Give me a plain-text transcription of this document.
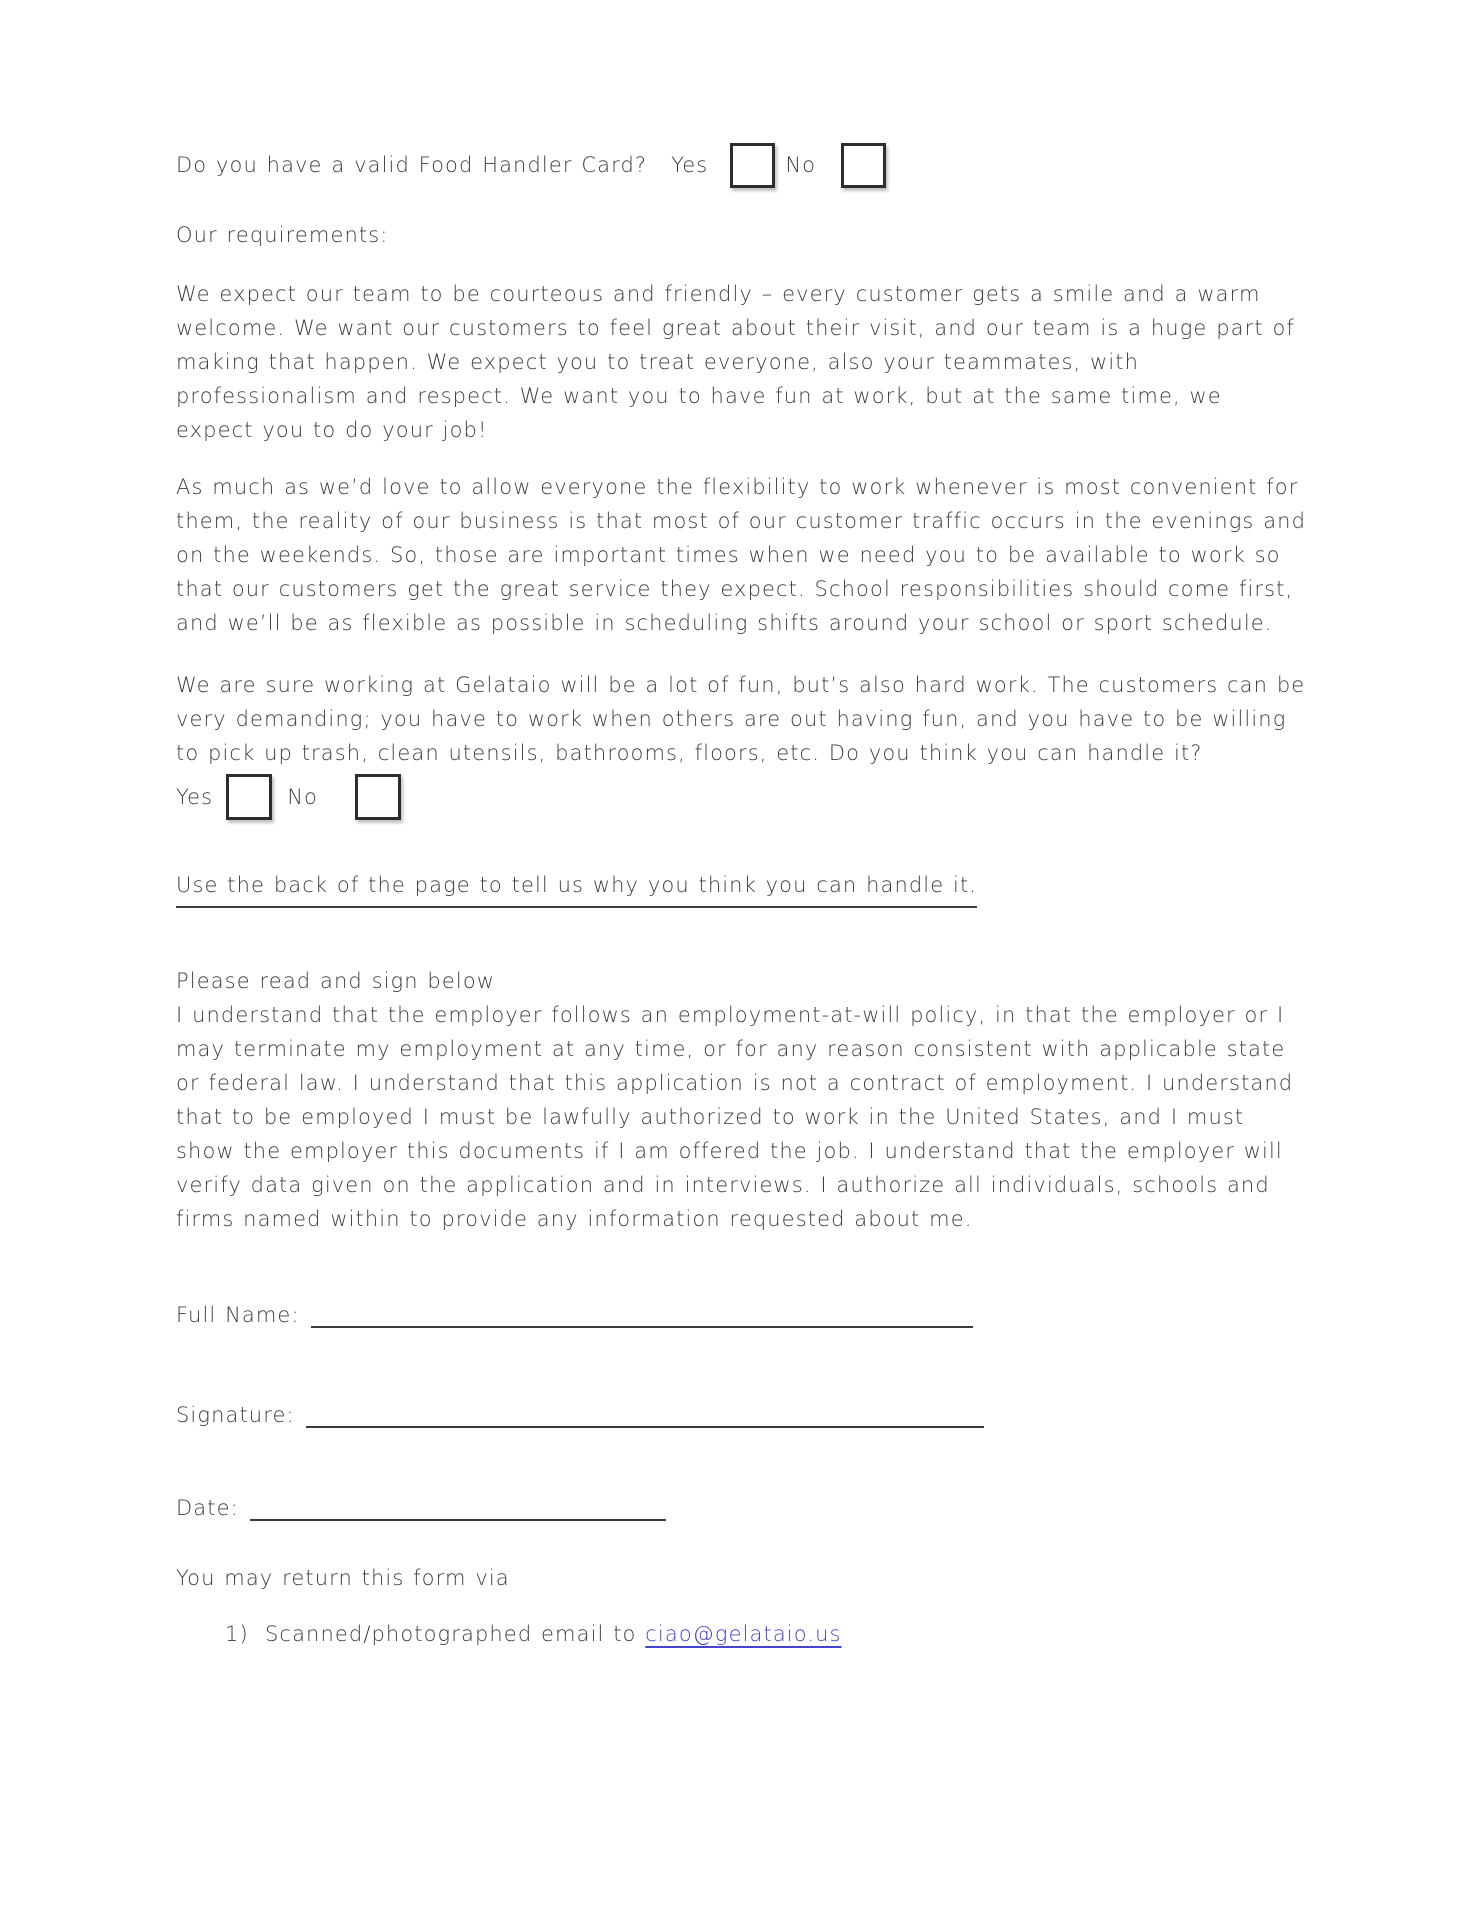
Do you have a valid Food Handler Card? Yes	No

Our requirements:

We expect our team to be courteous and friendly – every customer gets a smile and a warm welcome. We want our customers to feel great about their visit, and our team is a huge part of making that happen. We expect you to treat everyone, also your teammates, with professionalism and respect. We want you to have fun at work, but at the same time, we expect you to do your job!

As much as we’d love to allow everyone the flexibility to work whenever is most convenient for them, the reality of our business is that most of our customer traffic occurs in the evenings and on the weekends. So, those are important times when we need you to be available to work so that our customers get the great service they expect. School responsibilities should come first, and we’ll be as flexible as possible in scheduling shifts around your school or sport schedule.

We are sure working at Gelataio will be a lot of fun, but’s also hard work. The customers can be very demanding; you have to work when others are out having fun, and you have to be willing to pick up trash, clean utensils, bathrooms, floors, etc. Do you think you can handle it?

Yes	No

Use the back of the page to tell us why you think you can handle it.

Please read and sign below

I understand that the employer follows an employment-at-will policy, in that the employer or I may terminate my employment at any time, or for any reason consistent with applicable state or federal law. I understand that this application is not a contract of employment. I understand that to be employed I must be lawfully authorized to work in the United States, and I must show the employer this documents if I am offered the job. I understand that the employer will verify data given on the application and in interviews. I authorize all individuals, schools and firms named within to provide any information requested about me.

Full Name:
Signature:
Date:

You may return this form via

1) Scanned/photographed email to ciao@gelataio.us
